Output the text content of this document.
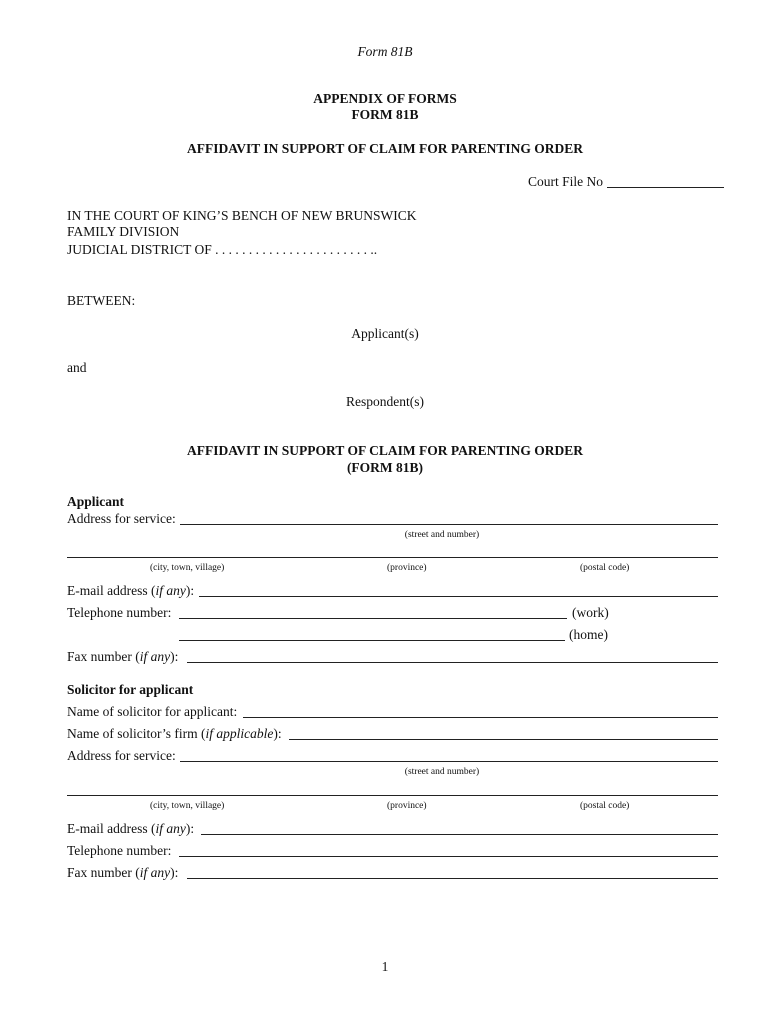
Form 81B
APPENDIX OF FORMS
FORM 81B
AFFIDAVIT IN SUPPORT OF CLAIM FOR PARENTING ORDER
Court File No
IN THE COURT OF KING’S BENCH OF NEW BRUNSWICK
FAMILY DIVISION
JUDICIAL DISTRICT OF . . . . . . . . . . . . . . . . . . . . . . . ..
BETWEEN:
Applicant(s)
and
Respondent(s)
AFFIDAVIT IN SUPPORT OF CLAIM FOR PARENTING ORDER
(FORM 81B)
Applicant
Address for service:
(street and number)
(city, town, village)	(province)	(postal code)
E-mail address (if any):
Telephone number:	(work)
(home)
Fax number (if any):
Solicitor for applicant
Name of solicitor for applicant:
Name of solicitor’s firm (if applicable):
Address for service:
(street and number)
(city, town, village)	(province)	(postal code)
E-mail address (if any):
Telephone number:
Fax number (if any):
1
